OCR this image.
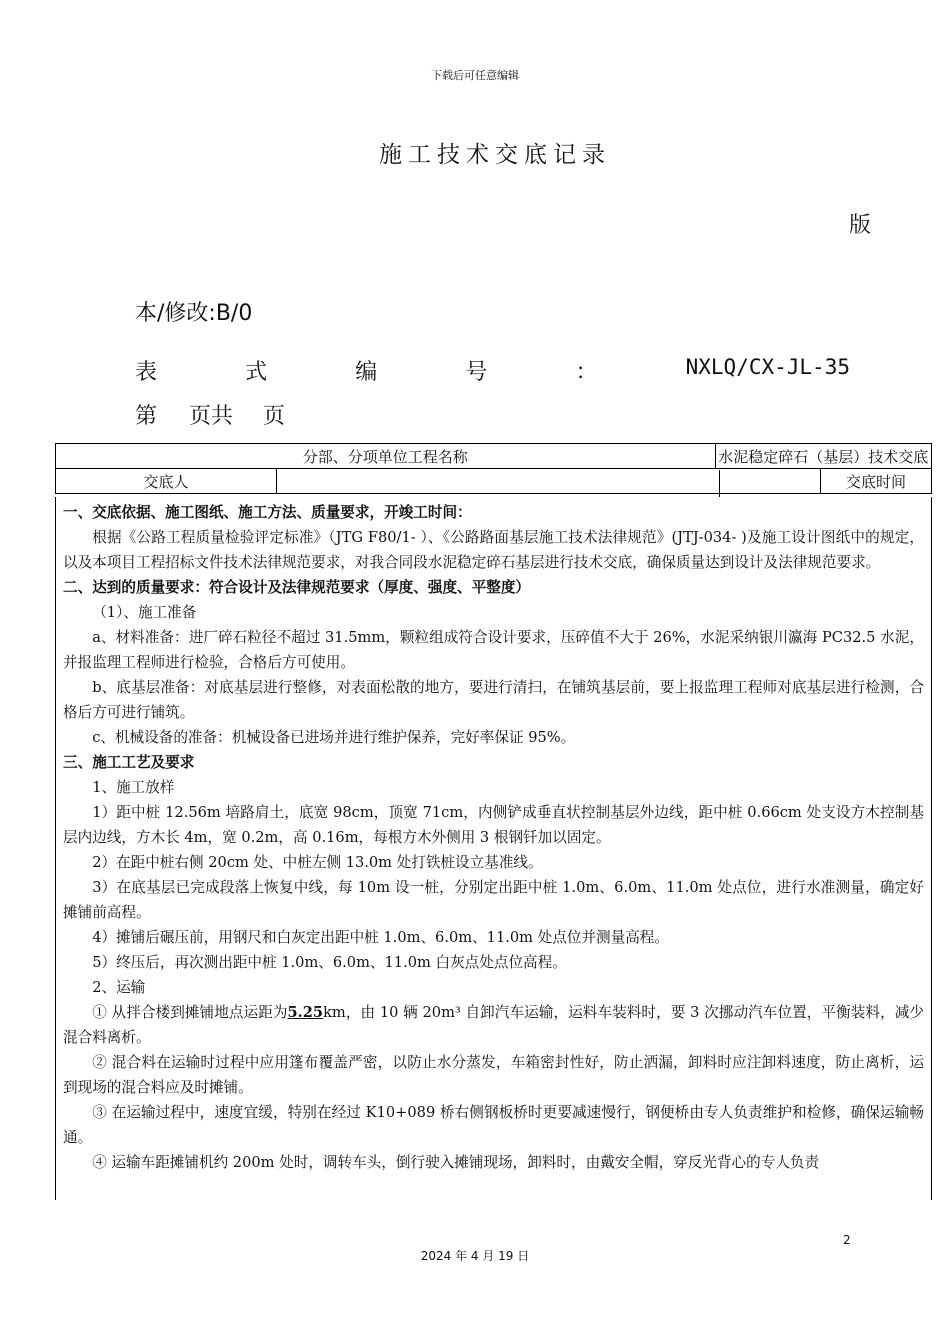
下载后可任意编辑
施工技术交底记录
版
本/修改:B/0
表	式	编	号	：	NXLQ/CX-JL-35
第 页共 页
分部、分项单位工程名称		水泥稳定碎石（基层）技术交底	
交底人			交底时间

一、交底依据、施工图纸、施工方法、质量要求，开竣工时间：

根据《公路工程质量检验评定标准》（JTG F80/1- ）、《公路路面基层施工技术法律规范》(JTJ-034- )及施工设计图纸中的规定，以及本项目工程招标文件技术法律规范要求，对我合同段水泥稳定碎石基层进行技术交底，确保质量达到设计及法律规范要求。

二、达到的质量要求：符合设计及法律规范要求（厚度、强度、平整度）

（1）、施工准备

a、材料准备：进厂碎石粒径不超过 31.5mm，颗粒组成符合设计要求，压碎值不大于 26%，水泥采纳银川瀛海 PC32.5 水泥，并报监理工程师进行检验，合格后方可使用。

b、底基层准备：对底基层进行整修，对表面松散的地方，要进行清扫，在铺筑基层前，要上报监理工程师对底基层进行检测，合格后方可进行铺筑。

c、机械设备的准备：机械设备已进场并进行维护保养，完好率保证 95%。

三、施工工艺及要求

1、施工放样

1）距中桩 12.56m 培路肩土，底宽 98cm，顶宽 71cm，内侧铲成垂直状控制基层外边线，距中桩 0.66cm 处支设方木控制基层内边线，方木长 4m，宽 0.2m，高 0.16m，每根方木外侧用 3 根钢钎加以固定。

2）在距中桩右侧 20cm 处、中桩左侧 13.0m 处打铁桩设立基准线。

3）在底基层已完成段落上恢复中线，每 10m 设一桩，分别定出距中桩 1.0m、6.0m、11.0m 处点位，进行水准测量，确定好摊铺前高程。

4）摊铺后碾压前，用钢尺和白灰定出距中桩 1.0m、6.0m、11.0m 处点位并测量高程。

5）终压后，再次测出距中桩 1.0m、6.0m、11.0m 白灰点处点位高程。

2、运输

① 从拌合楼到摊铺地点运距为5.25km，由 10 辆 20m³ 自卸汽车运输，运料车装料时，要 3 次挪动汽车位置，平衡装料，减少混合料离析。

② 混合料在运输时过程中应用篷布覆盖严密，以防止水分蒸发，车箱密封性好，防止洒漏，卸料时应注卸料速度，防止离析，运到现场的混合料应及时摊铺。

③ 在运输过程中，速度宜缓，特别在经过 K10+089 桥右侧钢板桥时更要减速慢行，钢便桥由专人负责维护和检修，确保运输畅通。

④ 运输车距摊铺机约 200m 处时，调转车头，倒行驶入摊铺现场，卸料时，由戴安全帽，穿反光背心的专人负责

2
2024 年 4 月 19 日
